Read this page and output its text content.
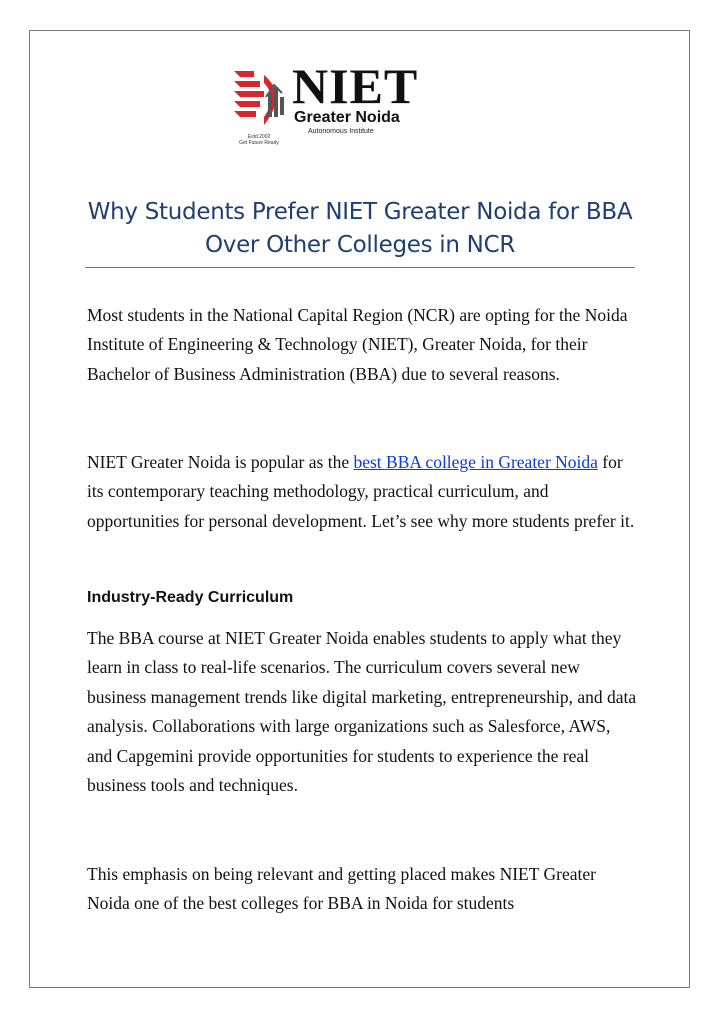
Estd.2002
Get Future Ready
NIET
Greater Noida
Autonomous Institute
Why Students Prefer NIET Greater Noida for BBA Over Other Colleges in NCR

Most students in the National Capital Region (NCR) are opting for the Noida Institute of Engineering & Technology (NIET), Greater Noida, for their Bachelor of Business Administration (BBA) due to several reasons.

NIET Greater Noida is popular as the best BBA college in Greater Noida for its contemporary teaching methodology, practical curriculum, and opportunities for personal development. Let’s see why more students prefer it.

Industry-Ready Curriculum

The BBA course at NIET Greater Noida enables students to apply what they learn in class to real-life scenarios. The curriculum covers several new business management trends like digital marketing, entrepreneurship, and data analysis. Collaborations with large organizations such as Salesforce, AWS, and Capgemini provide opportunities for students to experience the real business tools and techniques.

This emphasis on being relevant and getting placed makes NIET Greater Noida one of the best colleges for BBA in Noida for students
